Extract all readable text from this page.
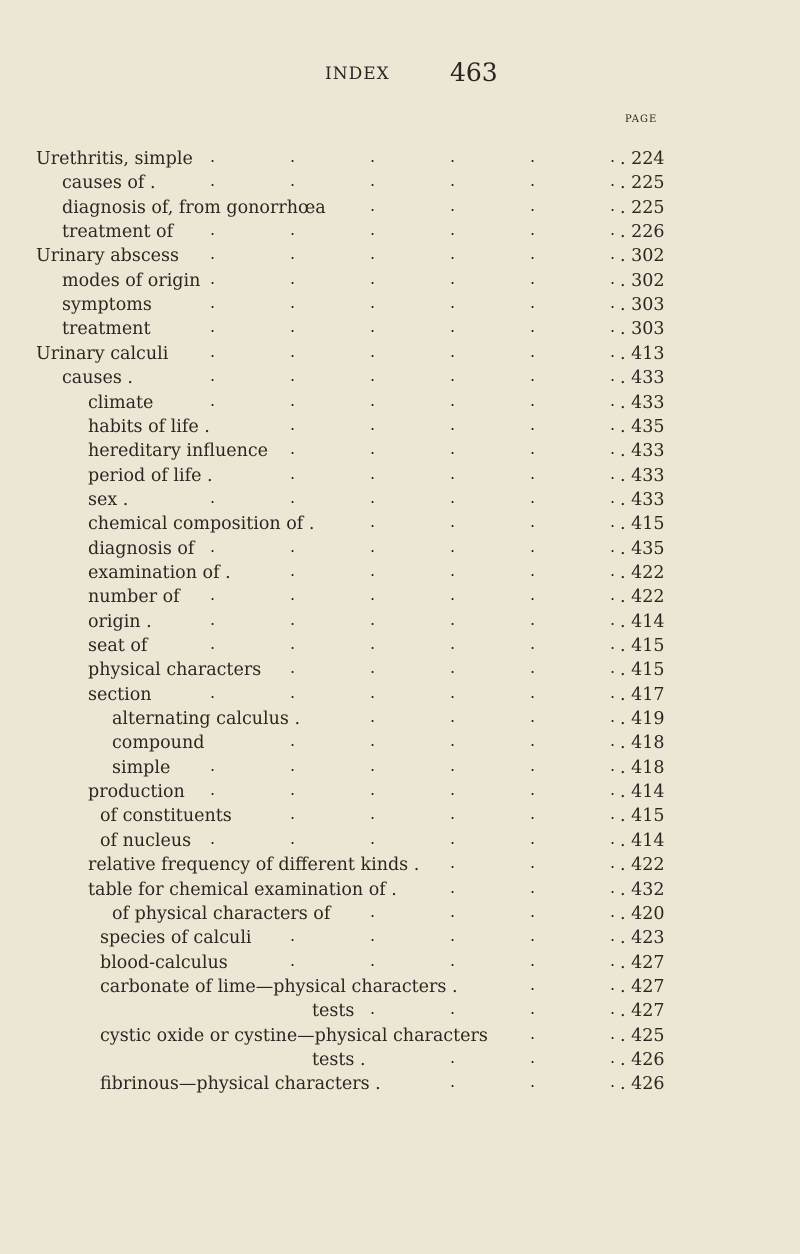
INDEX 463
PAGE
Urethritis, simple	. 224
.	.	.	.	.	.
causes of .	. 225
.	.	.	.	.	.
diagnosis of, from gonorrhœa	. 225
.	.	.	.
treatment of	. 226
.	.	.	.	.	.
Urinary abscess	. 302
.	.	.	.	.	.
modes of origin	. 302
.	.	.	.	.	.
symptoms	. 303
.	.	.	.	.	.
treatment	. 303
.	.	.	.	.	.
Urinary calculi	. 413
.	.	.	.	.	.
causes .	. 433
.	.	.	.	.	.
climate	. 433
.	.	.	.	.	.
habits of life .	. 435
.	.	.	.	.
hereditary influence	. 433
.	.	.	.	.
period of life .	. 433
.	.	.	.	.
sex .	. 433
.	.	.	.	.	.
chemical composition of .	. 415
.	.	.	.
diagnosis of	. 435
.	.	.	.	.	.
examination of .	. 422
.	.	.	.	.
number of	. 422
.	.	.	.	.	.
origin .	. 414
.	.	.	.	.	.
seat of	. 415
.	.	.	.	.	.
physical characters	. 415
.	.	.	.	.
section	. 417
.	.	.	.	.	.
alternating calculus .	. 419
.	.	.	.
compound	. 418
.	.	.	.	.
simple	. 418
.	.	.	.	.	.
production	. 414
.	.	.	.	.	.
of constituents	. 415
.	.	.	.	.
of nucleus	. 414
.	.	.	.	.	.
relative frequency of different kinds .	. 422
.	.	.
table for chemical examination of .	. 432
.	.	.
of physical characters of	. 420
.	.	.	.
species of calculi	. 423
.	.	.	.	.
blood-calculus	. 427
.	.	.	.	.
carbonate of lime—physical characters .	. 427
.	.
tests	. 427
.	.	.	.
cystic oxide or cystine—physical characters	. 425
.	.
tests .	. 426
.	.	.
fibrinous—physical characters .	. 426
.	.	.
